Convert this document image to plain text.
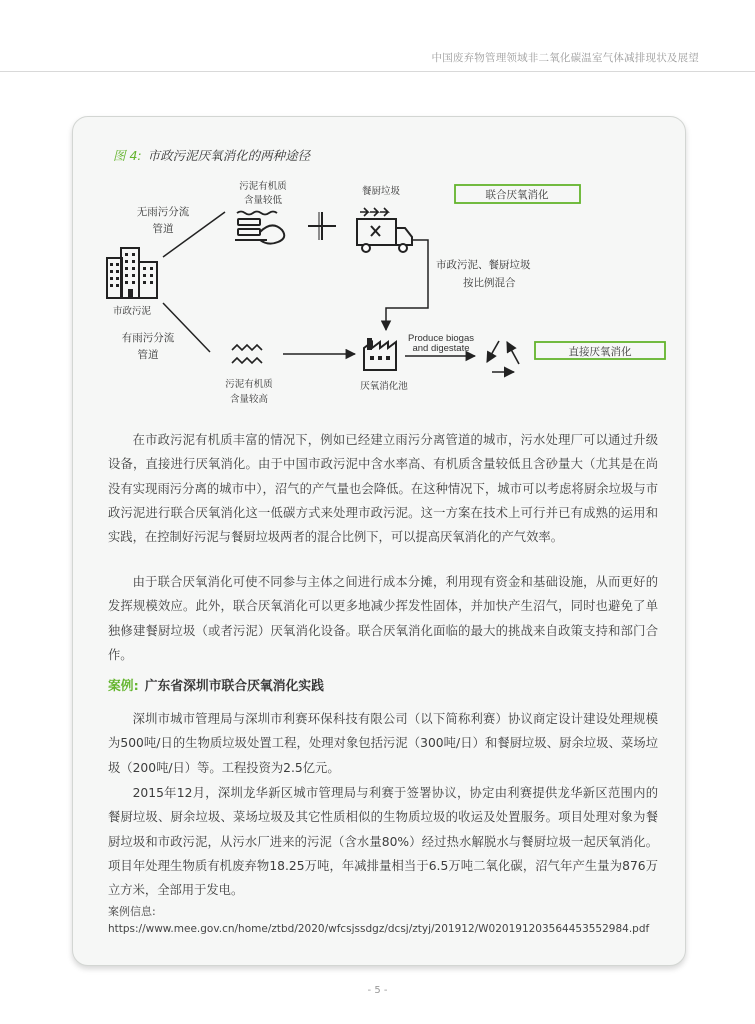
中国废弃物管理领域非二氧化碳温室气体减排现状及展望
图 4: 市政污泥厌氧消化的两种途径
市政污泥
无雨污分流
管道
有雨污分流
管道
污泥有机质
含量较低
餐厨垃圾
市政污泥、餐厨垃圾
按比例混合
污泥有机质
含量较高
厌氧消化池
Produce biogas
and digestate
联合厌氧消化
直接厌氧消化

在市政污泥有机质丰富的情况下，例如已经建立雨污分离管道的城市，污水处理厂可以通过升级设备，直接进行厌氧消化。由于中国市政污泥中含水率高、有机质含量较低且含砂量大（尤其是在尚没有实现雨污分离的城市中），沼气的产气量也会降低。在这种情况下，城市可以考虑将厨余垃圾与市政污泥进行联合厌氧消化这一低碳方式来处理市政污泥。这一方案在技术上可行并已有成熟的运用和实践，在控制好污泥与餐厨垃圾两者的混合比例下，可以提高厌氧消化的产气效率。

由于联合厌氧消化可使不同参与主体之间进行成本分摊，利用现有资金和基础设施，从而更好的发挥规模效应。此外，联合厌氧消化可以更多地减少挥发性固体，并加快产生沼气，同时也避免了单独修建餐厨垃圾（或者污泥）厌氧消化设备。联合厌氧消化面临的最大的挑战来自政策支持和部门合作。

案例: 广东省深圳市联合厌氧消化实践

深圳市城市管理局与深圳市利赛环保科技有限公司（以下简称利赛）协议商定设计建设处理规模为500吨/日的生物质垃圾处置工程，处理对象包括污泥（300吨/日）和餐厨垃圾、厨余垃圾、菜场垃圾（200吨/日）等。工程投资为2.5亿元。

2015年12月，深圳龙华新区城市管理局与利赛于签署协议，协定由利赛提供龙华新区范围内的餐厨垃圾、厨余垃圾、菜场垃圾及其它性质相似的生物质垃圾的收运及处置服务。项目处理对象为餐厨垃圾和市政污泥，从污水厂进来的污泥（含水量80%）经过热水解脱水与餐厨垃圾一起厌氧消化。项目年处理生物质有机废弃物18.25万吨，年减排量相当于6.5万吨二氧化碳，沼气年产生量为876万立方米，全部用于发电。

案例信息:
https://www.mee.gov.cn/home/ztbd/2020/wfcsjssdgz/dcsj/ztyj/201912/W020191203564453552984.pdf
- 5 -
